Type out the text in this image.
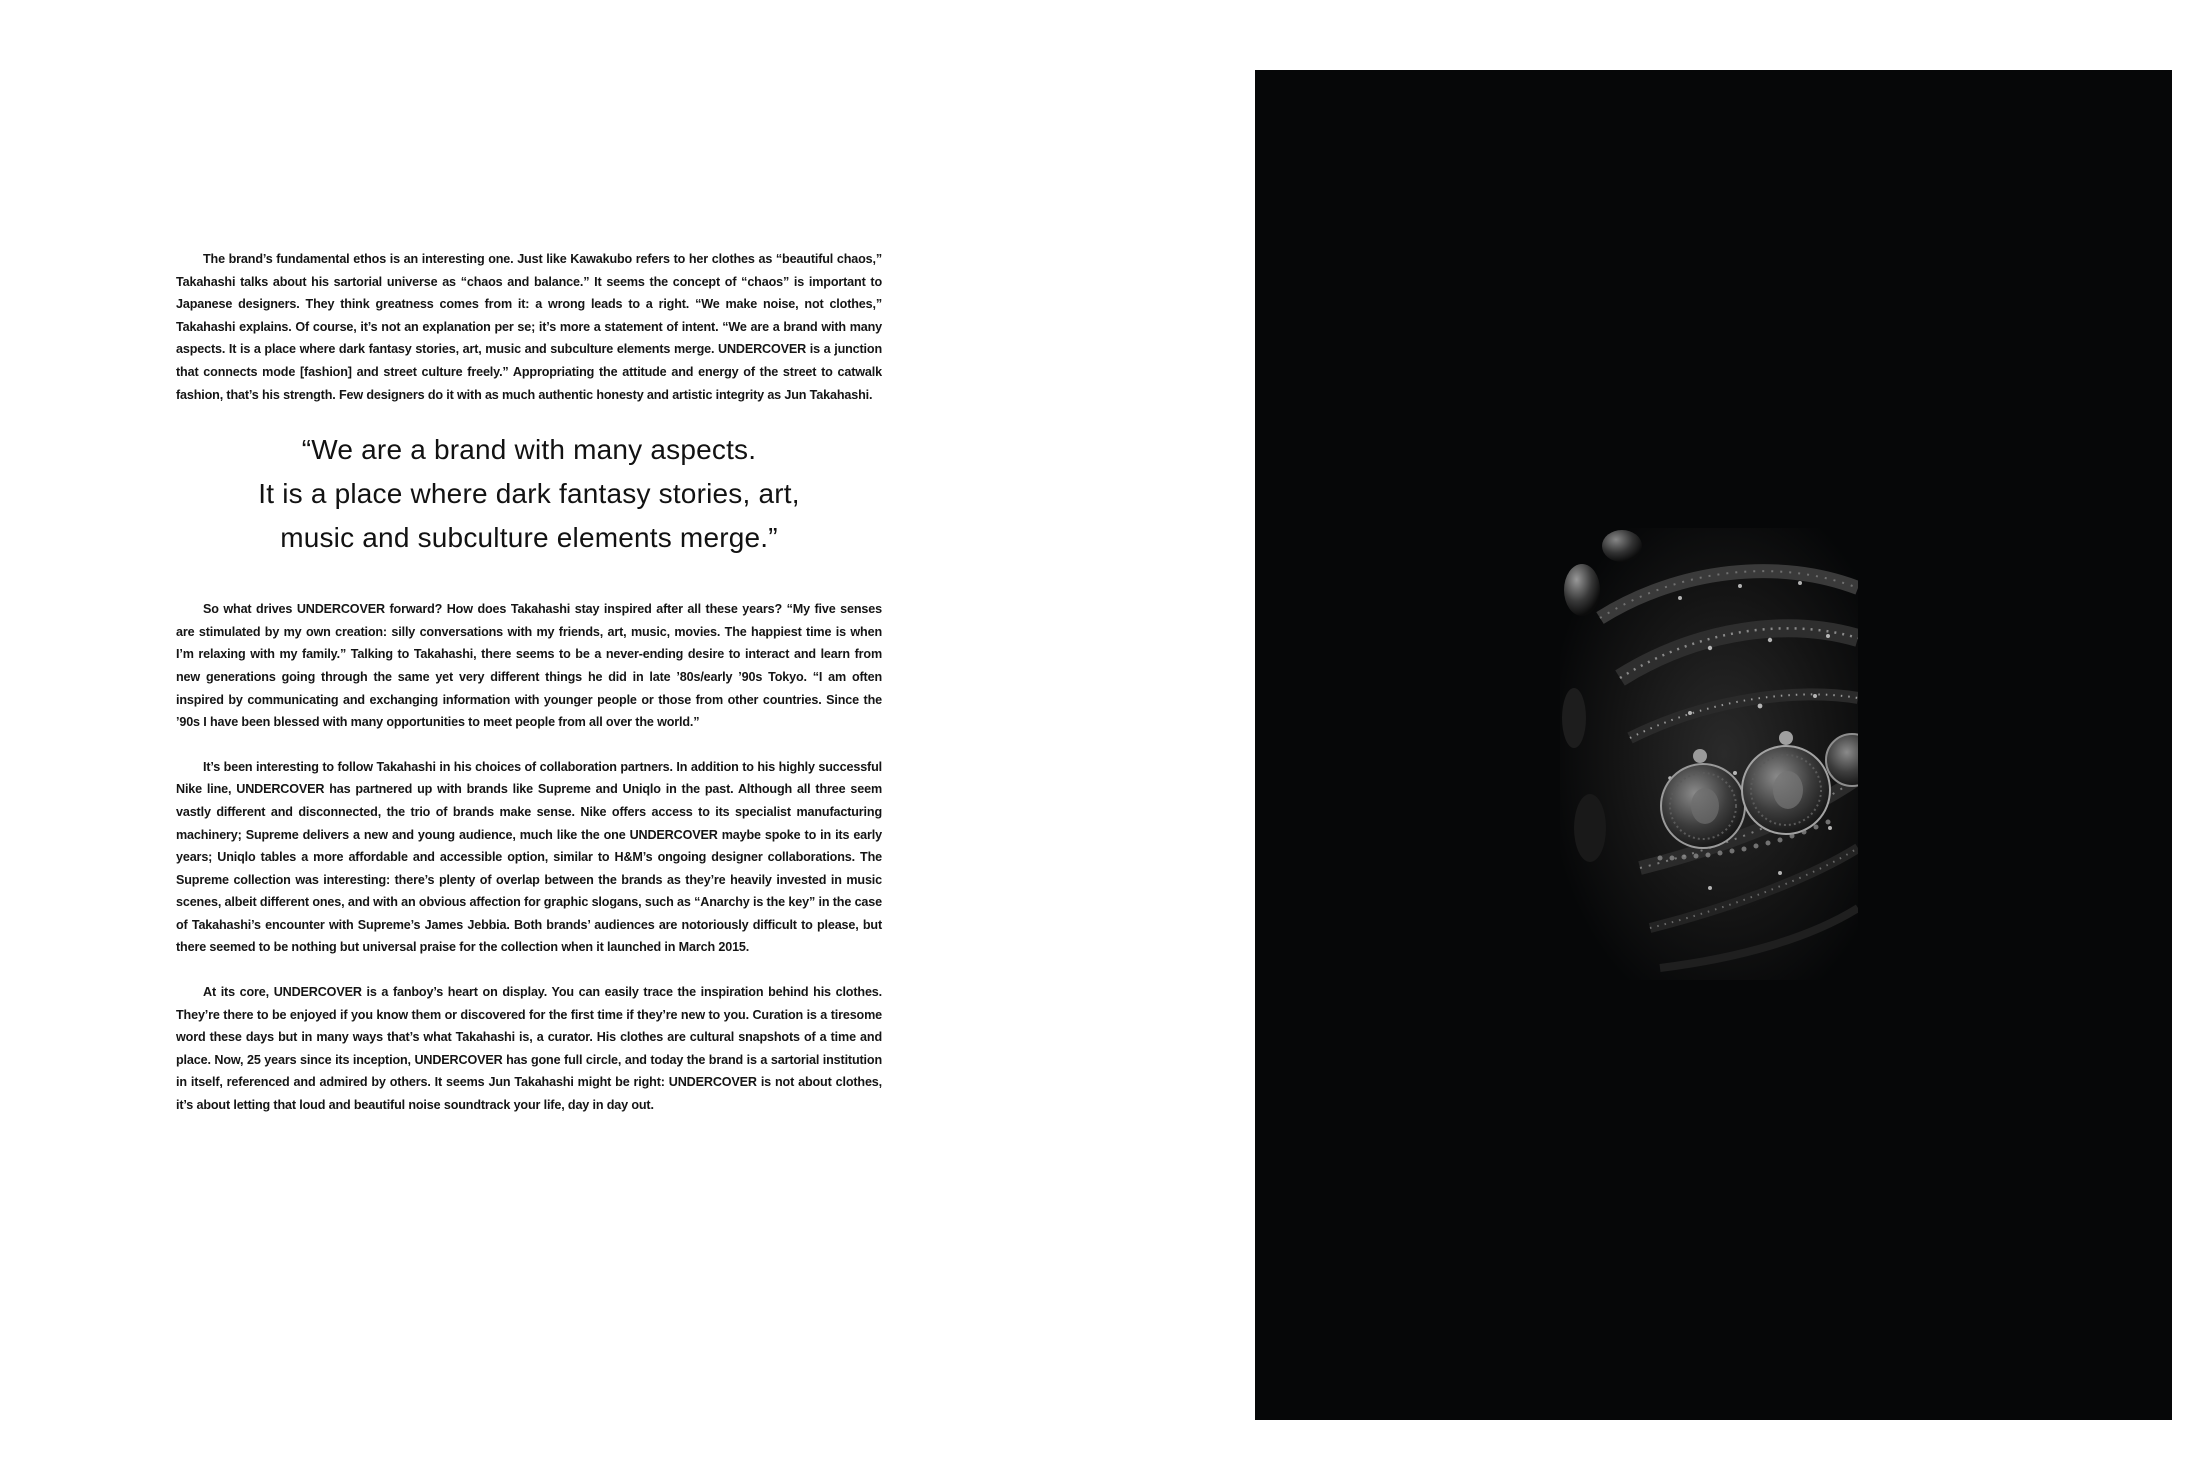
The brand’s fundamental ethos is an interesting one. Just like Kawakubo refers to her clothes as “beautiful chaos,” Takahashi talks about his sartorial universe as “chaos and balance.” It seems the concept of “chaos” is important to Japanese designers. They think greatness comes from it: a wrong leads to a right. “We make noise, not clothes,” Takahashi explains. Of course, it’s not an explanation per se; it’s more a statement of intent. “We are a brand with many aspects. It is a place where dark fantasy stories, art, music and subculture elements merge. UNDERCOVER is a junction that connects mode [fashion] and street culture freely.” Appropriating the attitude and energy of the street to catwalk fashion, that’s his strength. Few designers do it with as much authentic honesty and artistic integrity as Jun Takahashi.

“We are a brand with many aspects.
It is a place where dark fantasy stories, art,
music and subculture elements merge.”

So what drives UNDERCOVER forward? How does Takahashi stay inspired after all these years? “My five senses are stimulated by my own creation: silly conversations with my friends, art, music, movies. The happiest time is when I’m relaxing with my family.” Talking to Takahashi, there seems to be a never-ending desire to interact and learn from new generations going through the same yet very different things he did in late ’80s/early ’90s Tokyo. “I am often inspired by communicating and exchanging information with younger people or those from other countries. Since the ’90s I have been blessed with many opportunities to meet people from all over the world.”

It’s been interesting to follow Takahashi in his choices of collaboration partners. In addition to his highly successful Nike line, UNDERCOVER has partnered up with brands like Supreme and Uniqlo in the past. Although all three seem vastly different and disconnected, the trio of brands make sense. Nike offers access to its specialist manufacturing machinery; Supreme delivers a new and young audience, much like the one UNDERCOVER maybe spoke to in its early years; Uniqlo tables a more affordable and accessible option, similar to H&M’s ongoing designer collaborations. The Supreme collection was interesting: there’s plenty of overlap between the brands as they’re heavily invested in music scenes, albeit different ones, and with an obvious affection for graphic slogans, such as “Anarchy is the key” in the case of Takahashi’s encounter with Supreme’s James Jebbia. Both brands’ audiences are notoriously difficult to please, but there seemed to be nothing but universal praise for the collection when it launched in March 2015.

At its core, UNDERCOVER is a fanboy’s heart on display. You can easily trace the inspiration behind his clothes. They’re there to be enjoyed if you know them or discovered for the first time if they’re new to you. Curation is a tiresome word these days but in many ways that’s what Takahashi is, a curator. His clothes are cultural snapshots of a time and place. Now, 25 years since its inception, UNDERCOVER has gone full circle, and today the brand is a sartorial institution in itself, referenced and admired by others. It seems Jun Takahashi might be right: UNDERCOVER is not about clothes, it’s about letting that loud and beautiful noise soundtrack your life, day in day out.
